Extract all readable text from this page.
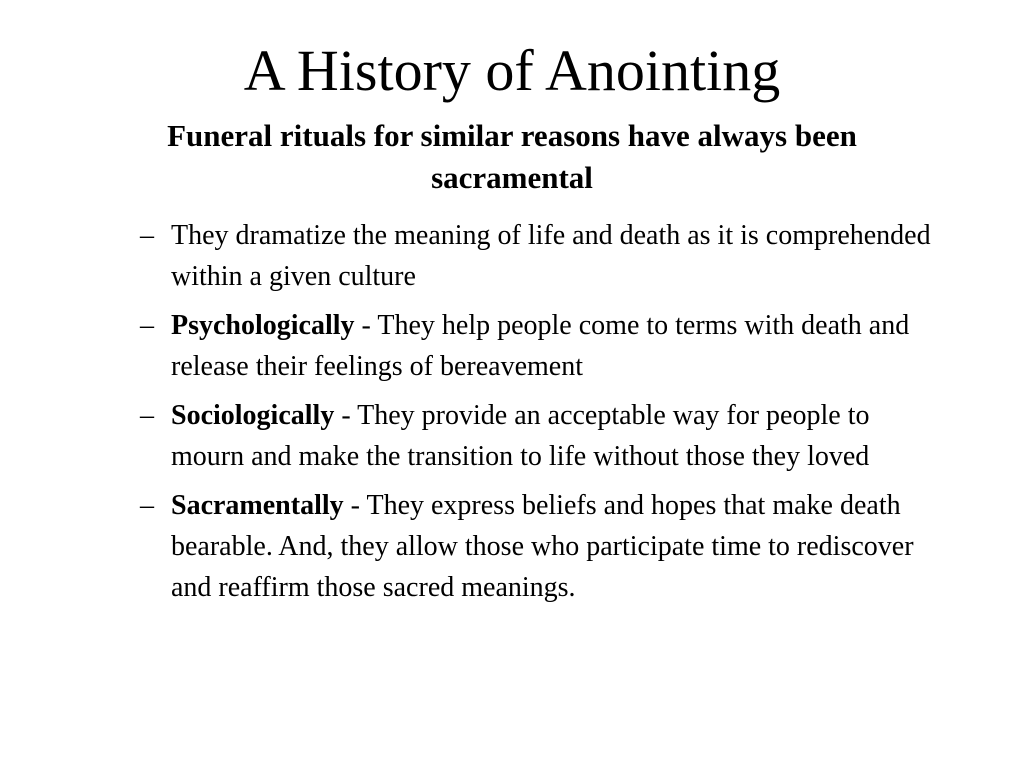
A History of Anointing
Funeral rituals for similar reasons have always been sacramental
– They dramatize the meaning of life and death as it is comprehended within a given culture
– Psychologically - They help people come to terms with death and release their feelings of bereavement
– Sociologically - They provide an acceptable way for people to mourn and make the transition to life without those they loved
– Sacramentally - They express beliefs and hopes that make death bearable. And, they allow those who participate time to rediscover and reaffirm those sacred meanings.
